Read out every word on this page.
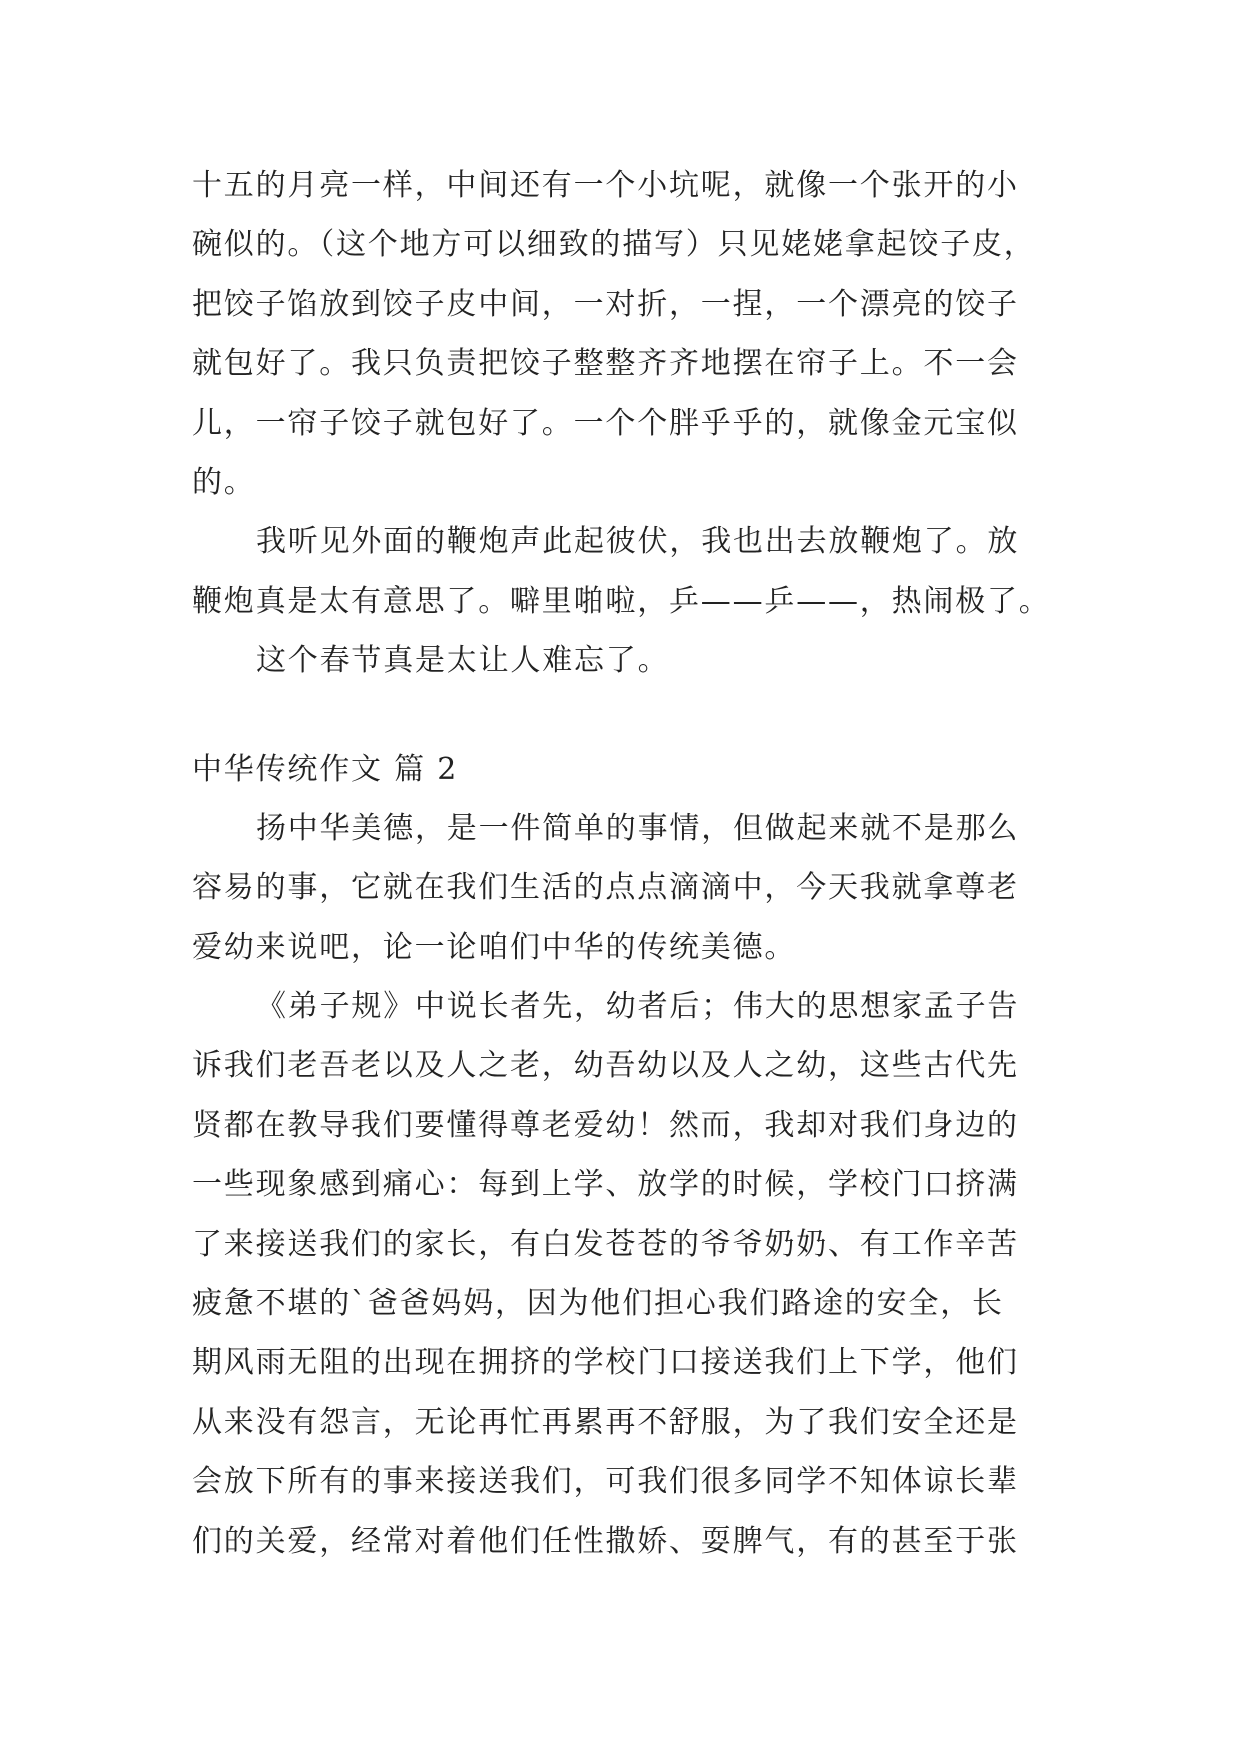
十五的月亮一样，中间还有一个小坑呢，就像一个张开的小
碗似的。（这个地方可以细致的描写）只见姥姥拿起饺子皮，
把饺子馅放到饺子皮中间，一对折，一捏，一个漂亮的饺子
就包好了。我只负责把饺子整整齐齐地摆在帘子上。不一会
儿，一帘子饺子就包好了。一个个胖乎乎的，就像金元宝似
的。
我听见外面的鞭炮声此起彼伏，我也出去放鞭炮了。放
鞭炮真是太有意思了。噼里啪啦，乒——乒——，热闹极了。
这个春节真是太让人难忘了。
中华传统作文 篇 2
扬中华美德，是一件简单的事情，但做起来就不是那么
容易的事，它就在我们生活的点点滴滴中，今天我就拿尊老
爱幼来说吧，论一论咱们中华的传统美德。
《弟子规》中说长者先，幼者后；伟大的思想家孟子告
诉我们老吾老以及人之老，幼吾幼以及人之幼，这些古代先
贤都在教导我们要懂得尊老爱幼！然而，我却对我们身边的
一些现象感到痛心：每到上学、放学的时候，学校门口挤满
了来接送我们的家长，有白发苍苍的爷爷奶奶、有工作辛苦
疲惫不堪的`爸爸妈妈，因为他们担心我们路途的安全，长
期风雨无阻的出现在拥挤的学校门口接送我们上下学，他们
从来没有怨言，无论再忙再累再不舒服，为了我们安全还是
会放下所有的事来接送我们，可我们很多同学不知体谅长辈
们的关爱，经常对着他们任性撒娇、耍脾气，有的甚至于张
